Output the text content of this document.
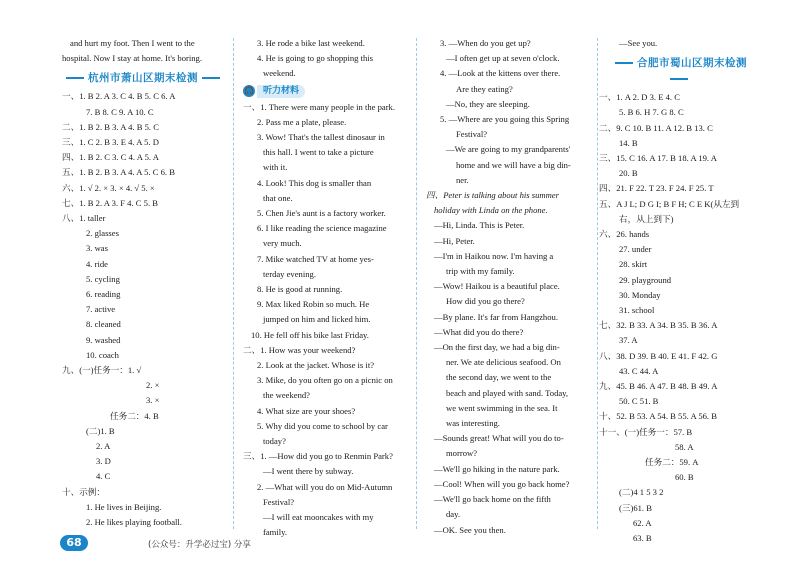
and hurt my foot. Then I went to the
hospital. Now I stay at home. It's boring.
杭州市萧山区期末检测
一、1. B 2. A 3. C 4. B 5. C 6. A
7. B 8. C 9. A 10. C
二、1. B 2. B 3. A 4. B 5. C
三、1. C 2. B 3. E 4. A 5. D
四、1. B 2. C 3. C 4. A 5. A
五、1. B 2. B 3. A 4. A 5. C 6. B
六、1. √ 2. × 3. × 4. √ 5. ×
七、1. B 2. A 3. F 4. C 5. B
八、1. taller
2. glasses
3. was
4. ride
5. cycling
6. reading
7. active
8. cleaned
9. washed
10. coach
九、(一)任务一：1. √
2. ×
3. ×
任务二：4. B
(二)1. B
2. A
3. D
4. C
十、示例：
1. He lives in Beijing.
2. He likes playing football.
3. He rode a bike last weekend.
4. He is going to go shopping this
weekend.
🎧	听力材料
一、1. There were many people in the park.
2. Pass me a plate, please.
3. Wow! That's the tallest dinosaur in
this hall. I went to take a picture
with it.
4. Look! This dog is smaller than
that one.
5. Chen Jie's aunt is a factory worker.
6. I like reading the science magazine
very much.
7. Mike watched TV at home yes-
terday evening.
8. He is good at running.
9. Max liked Robin so much. He
jumped on him and licked him.
10. He fell off his bike last Friday.
二、1. How was your weekend?
2. Look at the jacket. Whose is it?
3. Mike, do you often go on a picnic on
the weekend?
4. What size are your shoes?
5. Why did you come to school by car
today?
三、1. —How did you go to Renmin Park?
—I went there by subway.
2. —What will you do on Mid-Autumn
Festival?
—I will eat mooncakes with my
family.
3. —When do you get up?
—I often get up at seven o'clock.
4. —Look at the kittens over there.
Are they eating?
—No, they are sleeping.
5. —Where are you going this Spring
Festival?
—We are going to my grandparents'
home and we will have a big din-
ner.
四、Peter is talking about his summer
holiday with Linda on the phone.
—Hi, Linda. This is Peter.
—Hi, Peter.
—I'm in Haikou now. I'm having a
trip with my family.
—Wow! Haikou is a beautiful place.
How did you go there?
—By plane. It's far from Hangzhou.
—What did you do there?
—On the first day, we had a big din-
ner. We ate delicious seafood. On
the second day, we went to the
beach and played with sand. Today,
we went swimming in the sea. It
was interesting.
—Sounds great! What will you do to-
morrow?
—We'll go hiking in the nature park.
—Cool! When will you go back home?
—We'll go back home on the fifth
day.
—OK. See you then.
—See you.
合肥市蜀山区期末检测
一、1. A 2. D 3. E 4. C
5. B 6. H 7. G 8. C
二、9. C 10. B 11. A 12. B 13. C
14. B
三、15. C 16. A 17. B 18. A 19. A
20. B
四、21. F 22. T 23. F 24. F 25. T
五、A J L; D G I; B F H; C E K(从左到
右，从上到下)
六、26. hands
27. under
28. skirt
29. playground
30. Monday
31. school
七、32. B 33. A 34. B 35. B 36. A
37. A
八、38. D 39. B 40. E 41. F 42. G
43. C 44. A
九、45. B 46. A 47. B 48. B 49. A
50. C 51. B
十、52. B 53. A 54. B 55. A 56. B
十一、(一)任务一：57. B
58. A
任务二：59. A
60. B
(二)4 1 5 3 2
(三)61. B
62. A
63. B
68	(公众号：升学必过宝) 分享
